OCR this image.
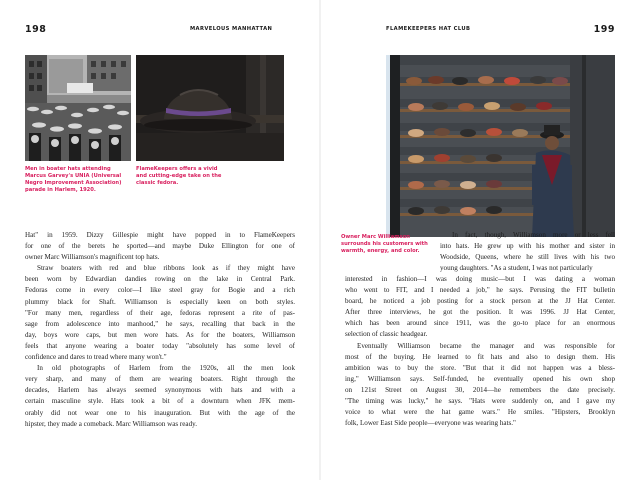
198	MARVELOUS MANHATTAN	FLAMEKEEPERS HAT CLUB	199
Men in boater hats attending
Marcus Garvey's UNIA (Universal
Negro Improvement Association)
parade in Harlem, 1920.
FlameKeepers offers a vivid
and cutting-edge take on the
classic fedora.
Owner Marc Williamson
surrounds his customers with
warmth, energy, and color.
Hat" in 1959. Dizzy Gillespie might have popped in to FlameKeepers
for one of the berets he sported—and maybe Duke Ellington for one of
owner Marc Williamson's magnificent top hats.
Straw boaters with red and blue ribbons look as if they might have
been worn by Edwardian dandies rowing on the lake in Central Park.
Fedoras come in every color—I like steel gray for Bogie and a rich
plummy black for Shaft. Williamson is especially keen on both styles.
"For many men, regardless of their age, fedoras represent a rite of pas-
sage from adolescence into manhood," he says, recalling that back in the
day, boys wore caps, but men wore hats. As for the boaters, Williamson
feels that anyone wearing a boater today "absolutely has some level of
confidence and dares to tread where many won't."
In old photographs of Harlem from the 1920s, all the men look
very sharp, and many of them are wearing boaters. Right through the
decades, Harlem has always seemed synonymous with hats and with a
certain masculine style. Hats took a bit of a downturn when JFK mem-
orably did not wear one to his inauguration. But with the age of the
hipster, they made a comeback. Marc Williamson was ready.
In fact, though, Williamson more or less fell
into hats. He grew up with his mother and sister in
Woodside, Queens, where he still lives with his two
young daughters. "As a student, I was not particularly
interested in fashion—I was doing music—but I was dating a woman
who went to FIT, and I needed a job," he says. Perusing the FIT bulletin
board, he noticed a job posting for a stock person at the JJ Hat Center.
After three interviews, he got the position. It was 1996. JJ Hat Center,
which has been around since 1911, was the go-to place for an enormous
selection of classic headgear.
Eventually Williamson became the manager and was responsible for
most of the buying. He learned to fit hats and also to design them. His
ambition was to buy the store. "But that it did not happen was a bless-
ing," Williamson says. Self-funded, he eventually opened his own shop
on 121st Street on August 30, 2014—he remembers the date precisely.
"The timing was lucky," he says. "Hats were suddenly on, and I gave my
voice to what were the hat game wars." He smiles. "Hipsters, Brooklyn
folk, Lower East Side people—everyone was wearing hats."
